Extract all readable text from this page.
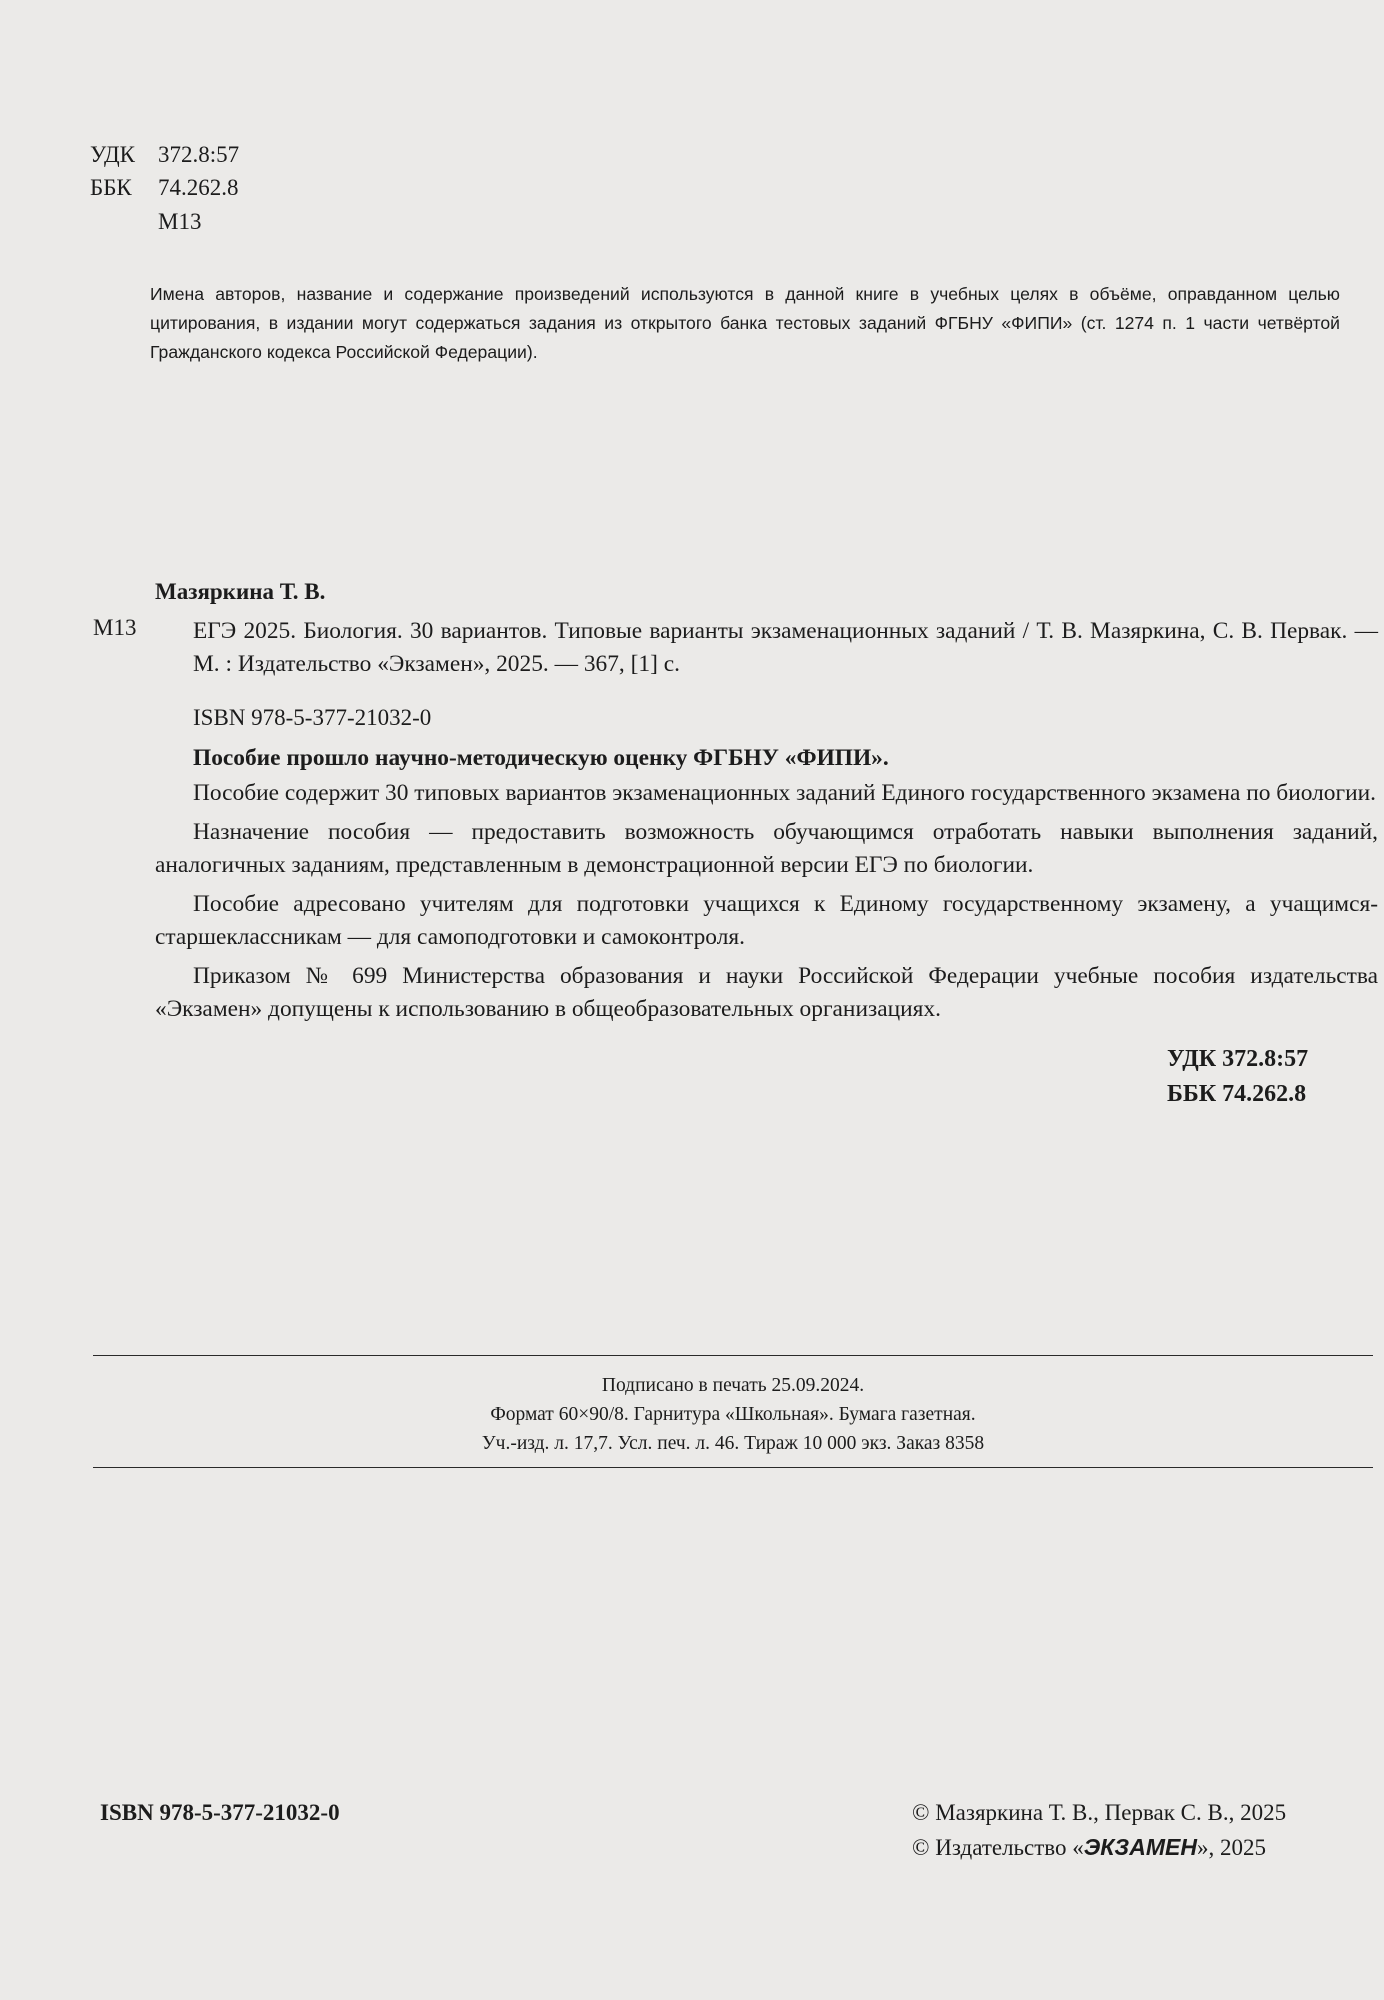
УДК 372.8:57
ББК 74.262.8
М13
Имена авторов, название и содержание произведений используются в данной книге в учебных целях в объёме, оправданном целью цитирования, в издании могут содержаться задания из открытого банка тестовых заданий ФГБНУ «ФИПИ» (ст. 1274 п. 1 части четвёртой Гражданского кодекса Российской Федерации).
Мазяркина Т. В.
М13 ЕГЭ 2025. Биология. 30 вариантов. Типовые варианты экзаменационных заданий / Т. В. Мазяркина, С. В. Первак. — М. : Издательство «Экзамен», 2025. — 367, [1] с.
ISBN 978-5-377-21032-0

Пособие прошло научно-методическую оценку ФГБНУ «ФИПИ».

Пособие содержит 30 типовых вариантов экзаменационных заданий Единого государственного экзамена по биологии.

Назначение пособия — предоставить возможность обучающимся отработать навыки выполнения заданий, аналогичных заданиям, представленным в демонстрационной версии ЕГЭ по биологии.

Пособие адресовано учителям для подготовки учащихся к Единому государственному экзамену, а учащимся-старшеклассникам — для самоподготовки и самоконтроля.

Приказом № 699 Министерства образования и науки Российской Федерации учебные пособия издательства «Экзамен» допущены к использованию в общеобразовательных организациях.

УДК 372.8:57
ББК 74.262.8
Подписано в печать 25.09.2024.
Формат 60×90/8. Гарнитура «Школьная». Бумага газетная.
Уч.-изд. л. 17,7. Усл. печ. л. 46. Тираж 10 000 экз. Заказ 8358
ISBN 978-5-377-21032-0	© Мазяркина Т. В., Первак С. В., 2025
© Издательство «ЭКЗАМЕН», 2025
